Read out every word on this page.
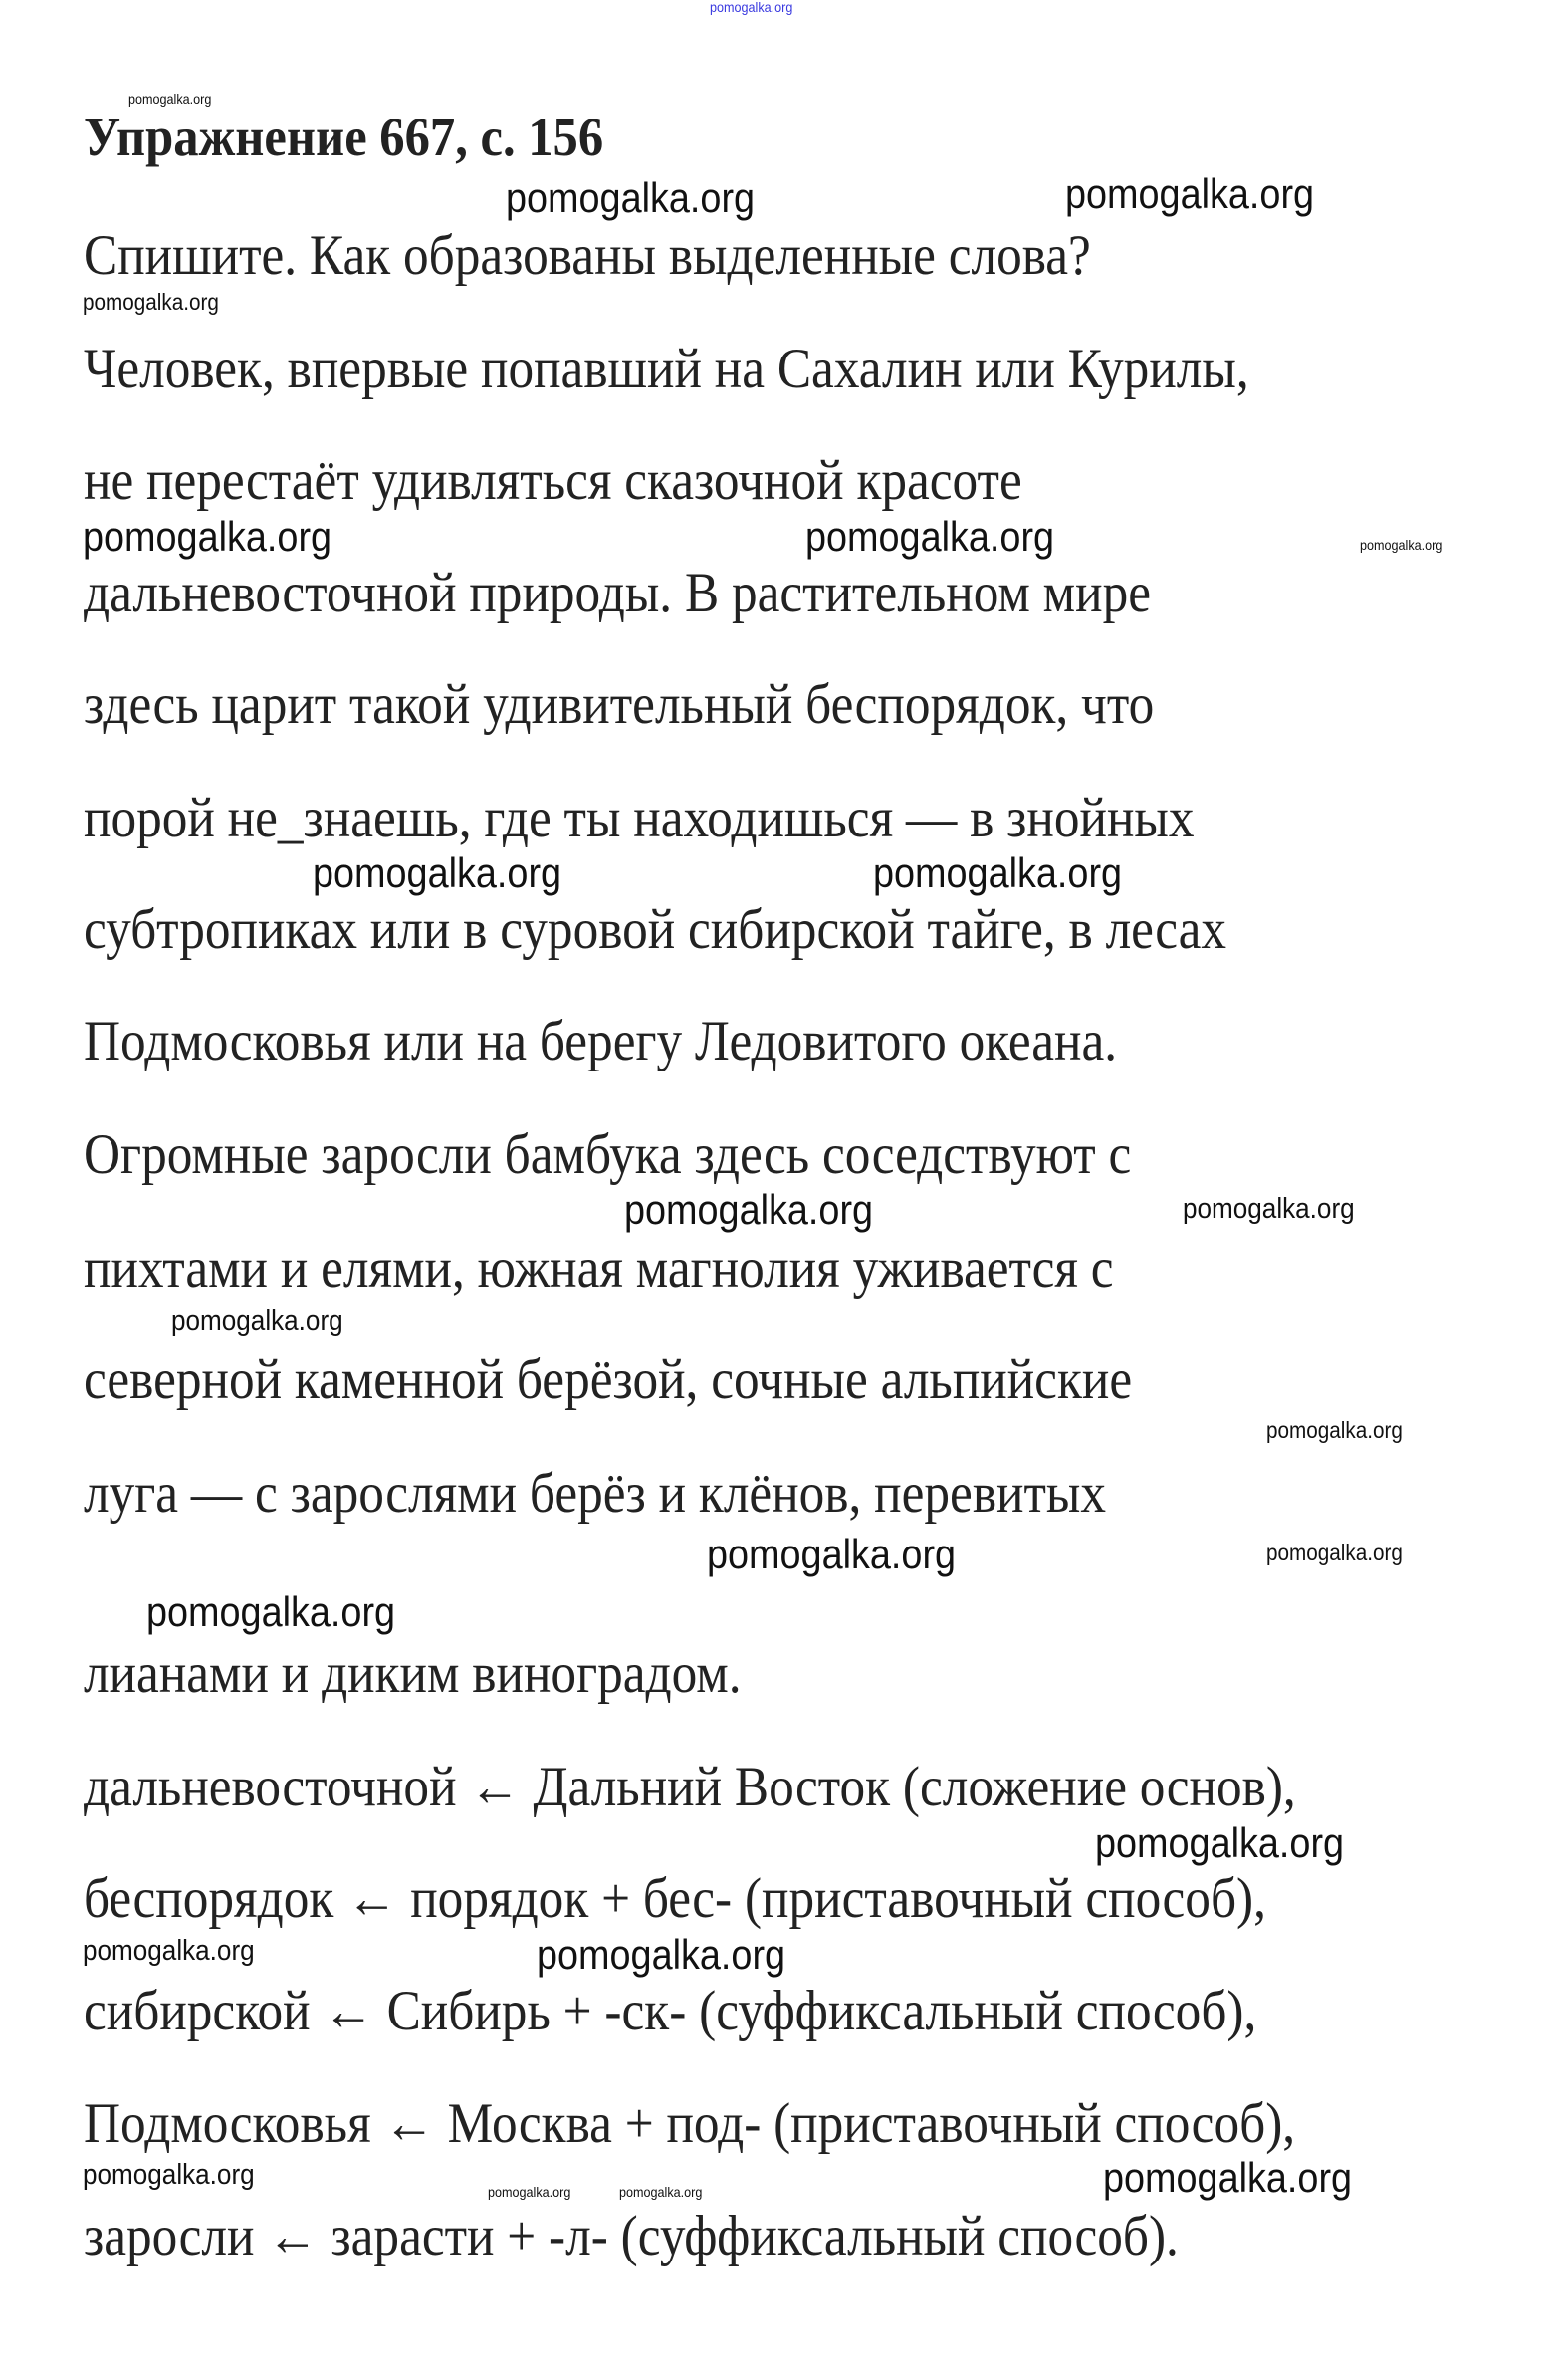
pomogalka.org
Упражнение 667, с. 156
Спишите. Как образованы выделенные слова?
Человек, впервые попавший на Сахалин или Курилы,
не перестаёт удивляться сказочной красоте
дальневосточной природы. В растительном мире
здесь царит такой удивительный беспорядок, что
порой не_знаешь, где ты находишься — в знойных
субтропиках или в суровой сибирской тайге, в лесах
Подмосковья или на берегу Ледовитого океана.
Огромные заросли бамбука здесь соседствуют с
пихтами и елями, южная магнолия уживается с
северной каменной берёзой, сочные альпийские
луга — с зарослями берёз и клёнов, перевитых
лианами и диким виноградом.
дальневосточной ← Дальний Восток (сложение основ),
беспорядок ← порядок + бес- (приставочный способ),
сибирской ← Сибирь + -ск- (суффиксальный способ),
Подмосковья ← Москва + под- (приставочный способ),
заросли ← зарасти + -л- (суффиксальный способ).
pomogalka.org
pomogalka.org	pomogalka.org
pomogalka.org
pomogalka.org	pomogalka.org	pomogalka.org
pomogalka.org	pomogalka.org
pomogalka.org	pomogalka.org
pomogalka.org
pomogalka.org
pomogalka.org	pomogalka.org
pomogalka.org
pomogalka.org
pomogalka.org	pomogalka.org
pomogalka.org	pomogalka.org
pomogalka.org	pomogalka.org
